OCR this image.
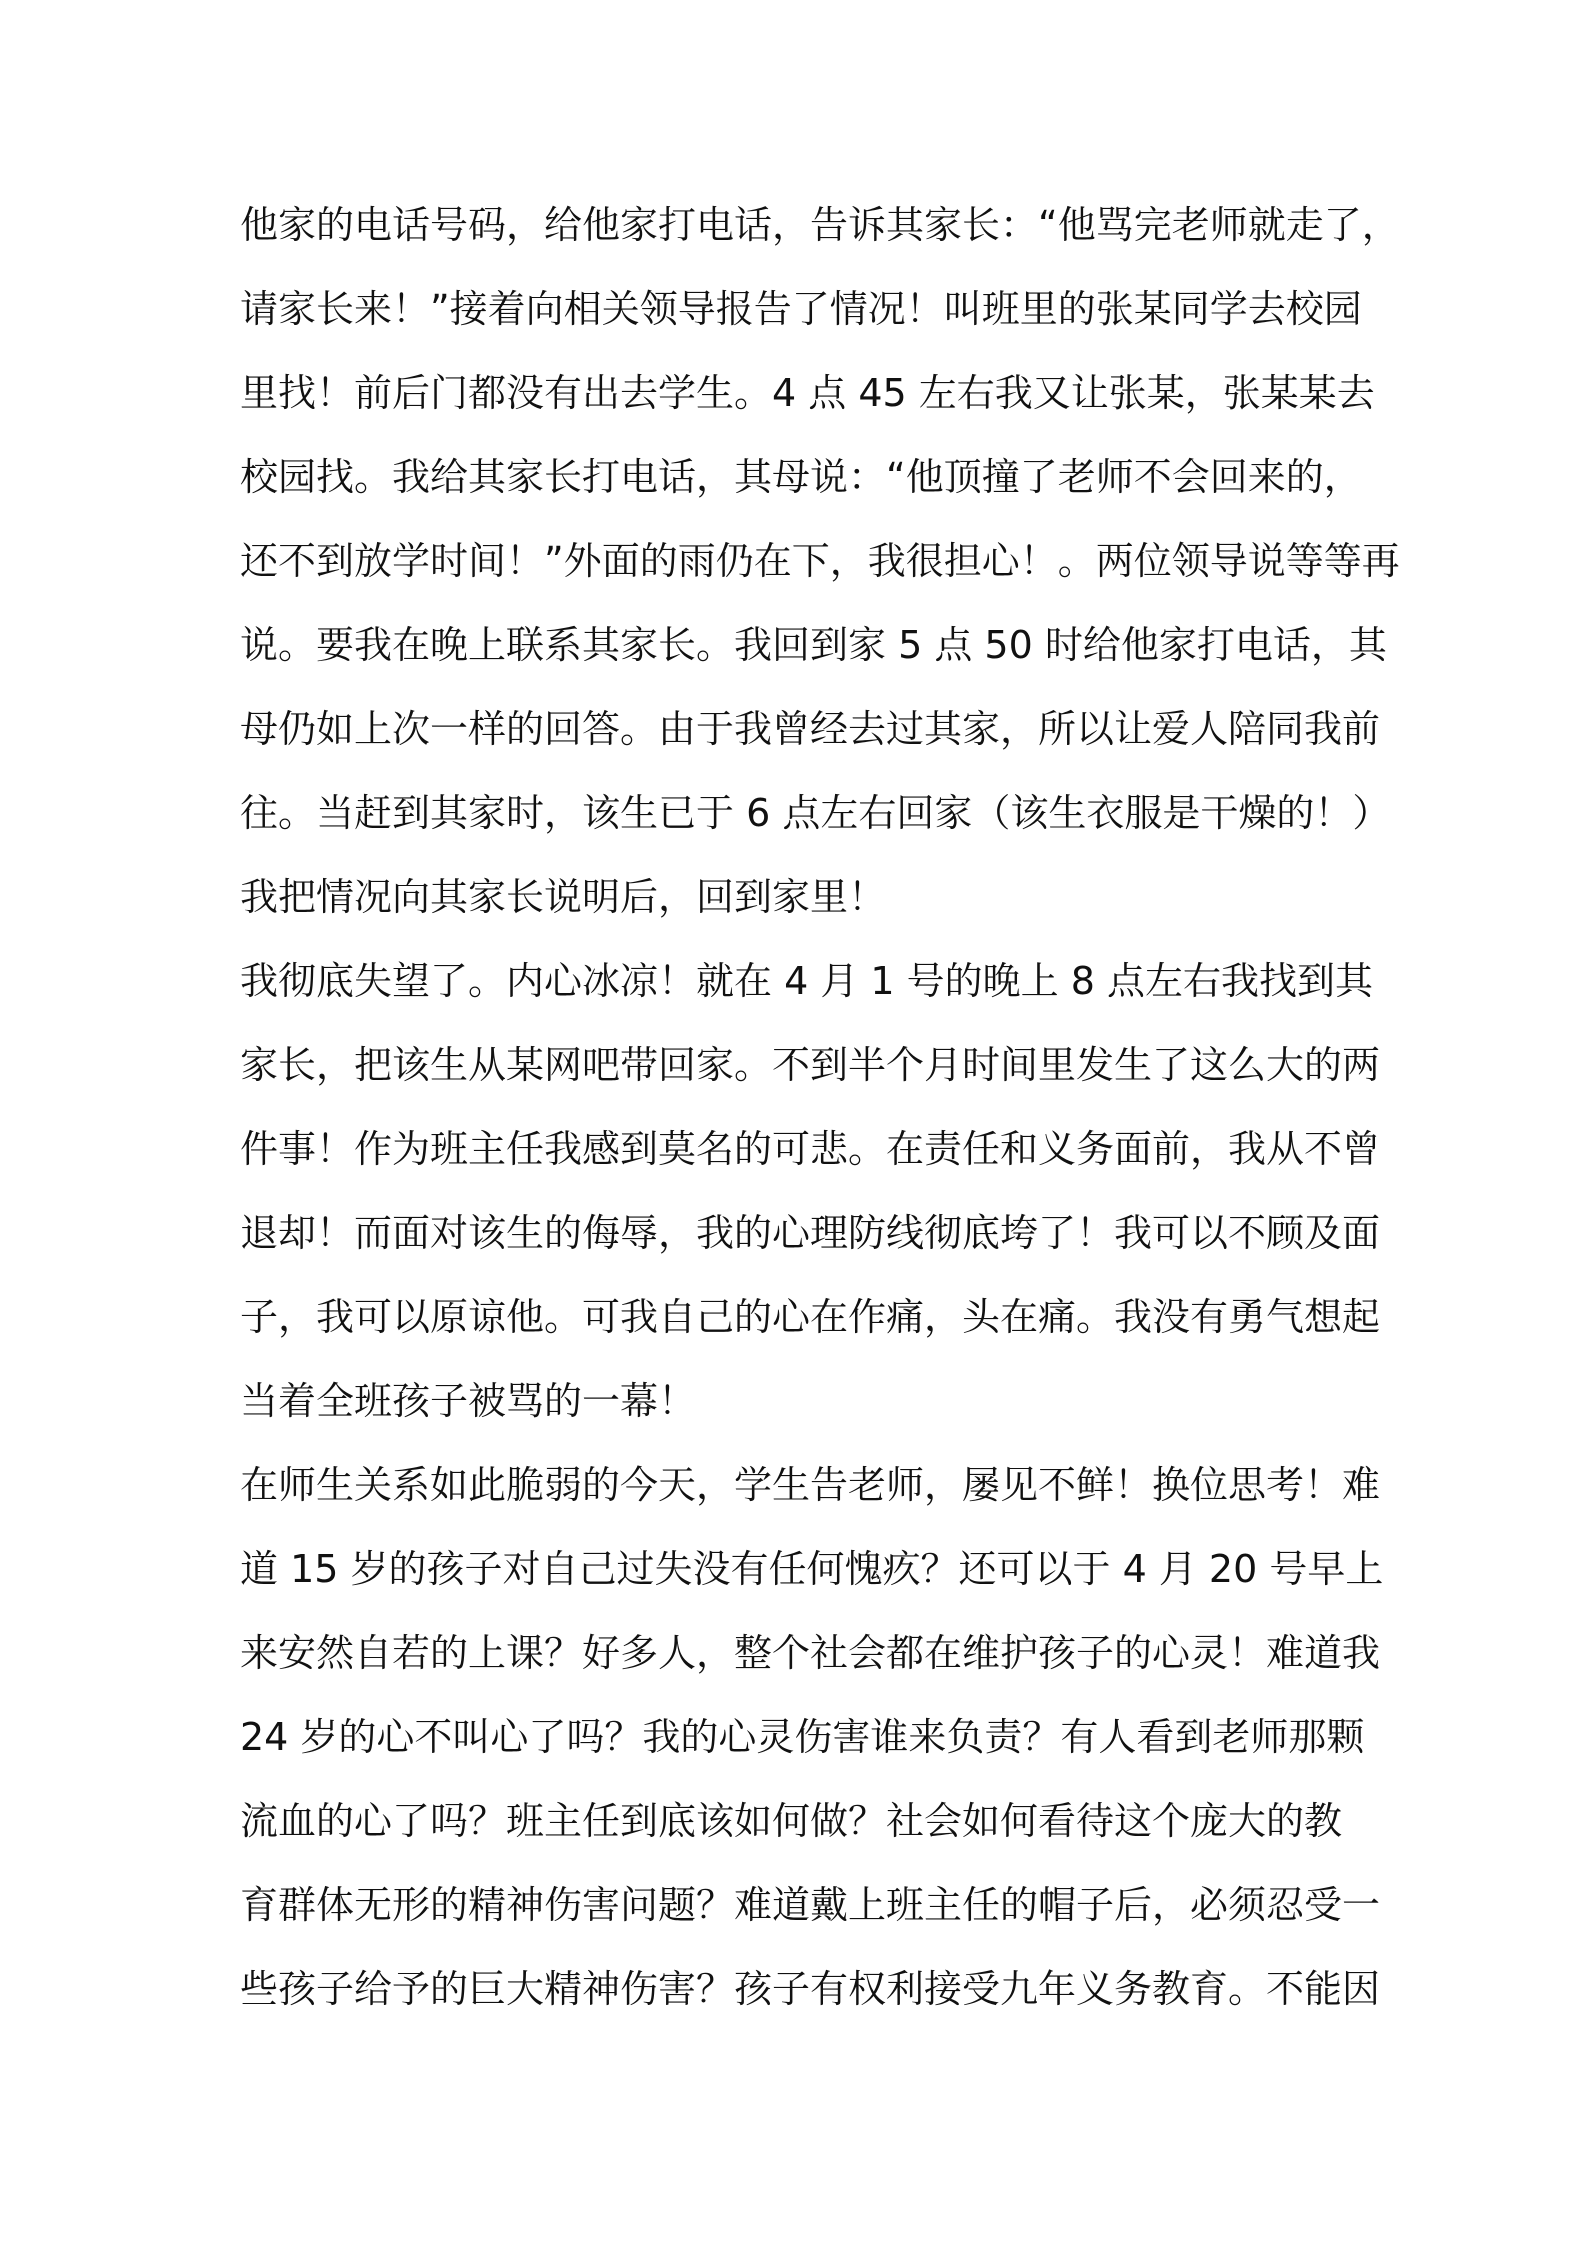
他家的电话号码，给他家打电话，告诉其家长：“他骂完老师就走了，
请家长来！”接着向相关领导报告了情况！叫班里的张某同学去校园
里找！前后门都没有出去学生。4 点 45 左右我又让张某，张某某去
校园找。我给其家长打电话，其母说：“他顶撞了老师不会回来的，
还不到放学时间！”外面的雨仍在下，我很担心！。两位领导说等等再
说。要我在晚上联系其家长。我回到家 5 点 50 时给他家打电话，其
母仍如上次一样的回答。由于我曾经去过其家，所以让爱人陪同我前
往。当赶到其家时，该生已于 6 点左右回家（该生衣服是干燥的！）
我把情况向其家长说明后，回到家里！
我彻底失望了。内心冰凉！就在 4 月 1 号的晚上 8 点左右我找到其
家长，把该生从某网吧带回家。不到半个月时间里发生了这么大的两
件事！作为班主任我感到莫名的可悲。在责任和义务面前，我从不曾
退却！而面对该生的侮辱，我的心理防线彻底垮了！我可以不顾及面
子，我可以原谅他。可我自己的心在作痛，头在痛。我没有勇气想起
当着全班孩子被骂的一幕！
在师生关系如此脆弱的今天，学生告老师，屡见不鲜！换位思考！难
道 15 岁的孩子对自己过失没有任何愧疚？还可以于 4 月 20 号早上
来安然自若的上课？好多人，整个社会都在维护孩子的心灵！难道我
24 岁的心不叫心了吗？我的心灵伤害谁来负责？有人看到老师那颗
流血的心了吗？班主任到底该如何做？社会如何看待这个庞大的教
育群体无形的精神伤害问题？难道戴上班主任的帽子后，必须忍受一
些孩子给予的巨大精神伤害？孩子有权利接受九年义务教育。不能因
